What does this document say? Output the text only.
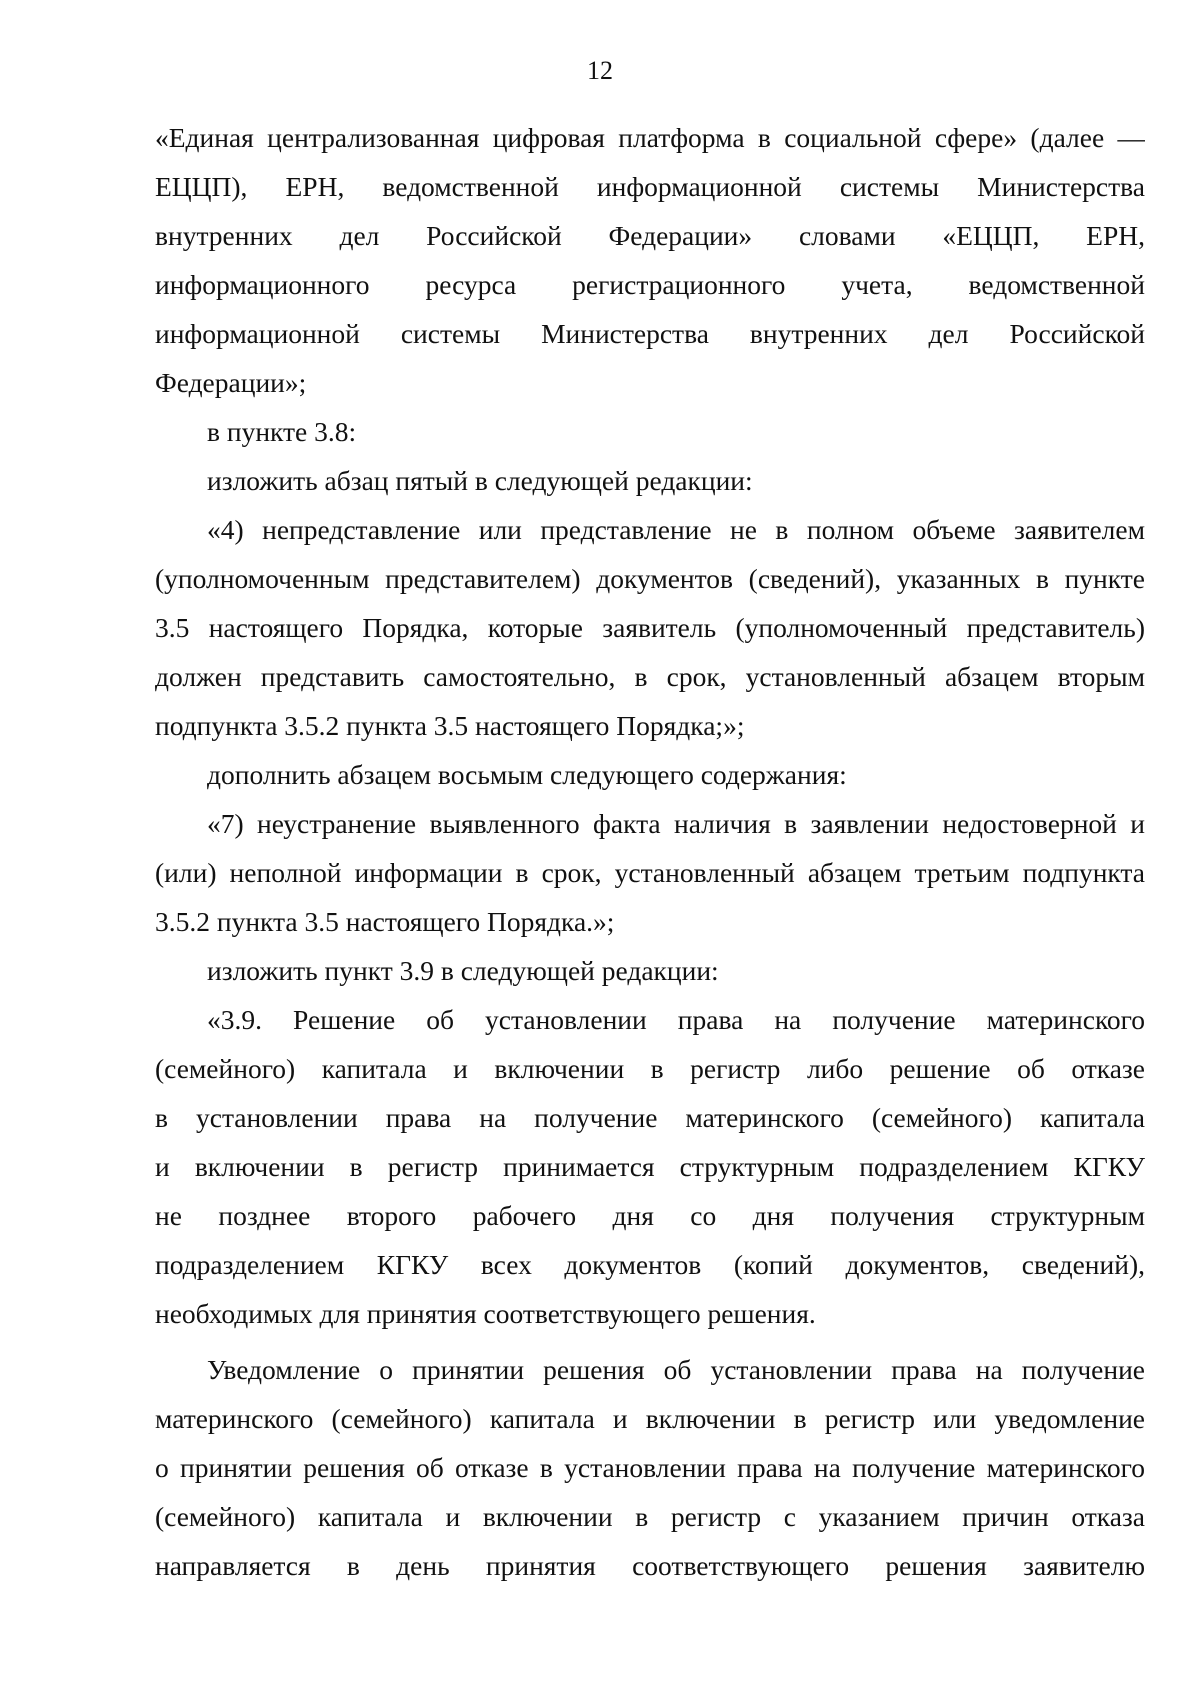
12
«Единая централизованная цифровая платформа в социальной сфере» (далее —
ЕЦЦП), ЕРН, ведомственной информационной системы Министерства
внутренних дел Российской Федерации» словами «ЕЦЦП, ЕРН,
информационного ресурса регистрационного учета, ведомственной
информационной системы Министерства внутренних дел Российской
Федерации»;
в пункте 3.8:
изложить абзац пятый в следующей редакции:
«4) непредставление или представление не в полном объеме заявителем
(уполномоченным представителем) документов (сведений), указанных в пункте
3.5 настоящего Порядка, которые заявитель (уполномоченный представитель)
должен представить самостоятельно, в срок, установленный абзацем вторым
подпункта 3.5.2 пункта 3.5 настоящего Порядка;»;
дополнить абзацем восьмым следующего содержания:
«7) неустранение выявленного факта наличия в заявлении недостоверной и
(или) неполной информации в срок, установленный абзацем третьим подпункта
3.5.2 пункта 3.5 настоящего Порядка.»;
изложить пункт 3.9 в следующей редакции:
«3.9. Решение об установлении права на получение материнского
(семейного) капитала и включении в регистр либо решение об отказе
в установлении права на получение материнского (семейного) капитала
и включении в регистр принимается структурным подразделением КГКУ
не позднее второго рабочего дня со дня получения структурным
подразделением КГКУ всех документов (копий документов, сведений),
необходимых для принятия соответствующего решения.
Уведомление о принятии решения об установлении права на получение
материнского (семейного) капитала и включении в регистр или уведомление
о принятии решения об отказе в установлении права на получение материнского
(семейного) капитала и включении в регистр с указанием причин отказа
направляется в день принятия соответствующего решения заявителю
